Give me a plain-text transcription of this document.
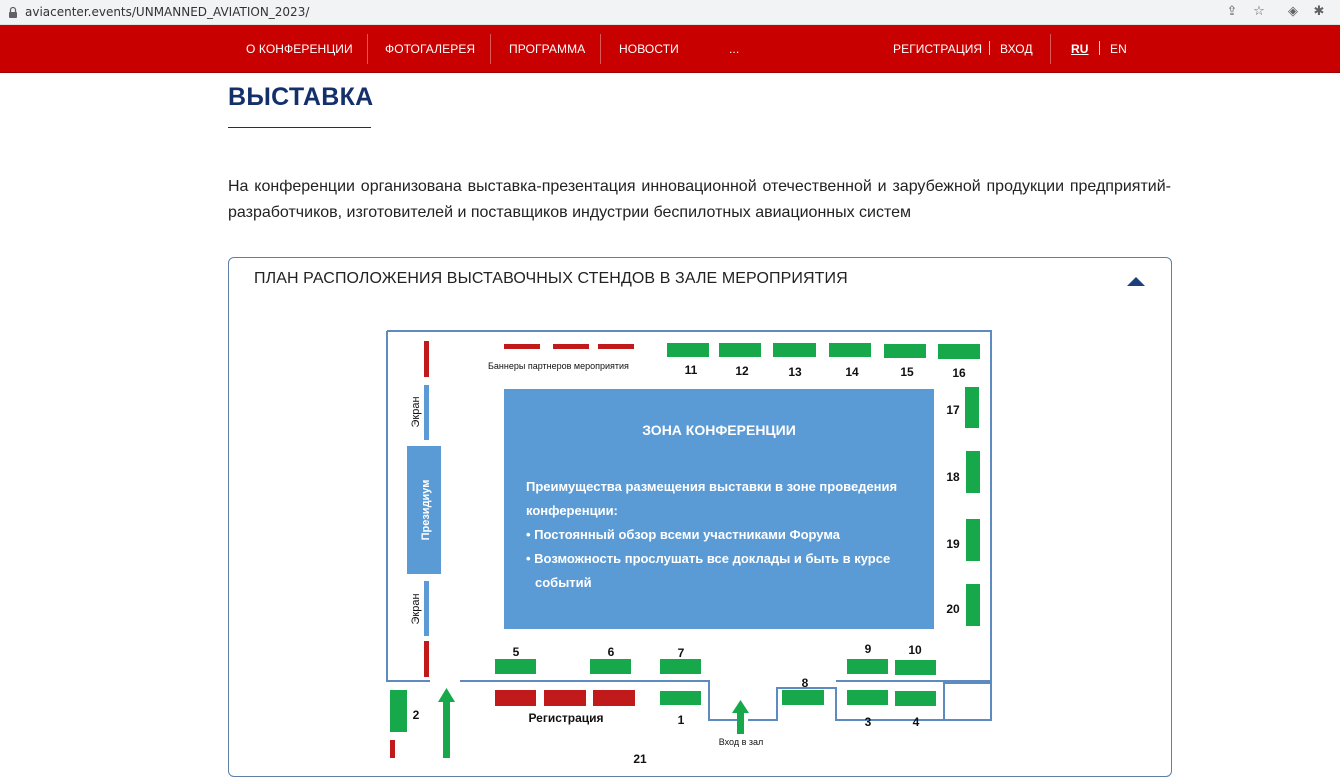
aviacenter.events/UNMANNED_AVIATION_2023/	⇪ ☆	◈	✱
О КОНФЕРЕНЦИИ	ФОТОГАЛЕРЕЯ	ПРОГРАММА	НОВОСТИ	...	РЕГИСТРАЦИЯ ВХОД	RU EN
ВЫСТАВКА

На конференции организована выставка-презентация инновационной отечественной и зарубежной продукции предприятий-разработчиков, изготовителей и поставщиков индустрии беспилотных авиационных систем

ПЛАН РАСПОЛОЖЕНИЯ ВЫСТАВОЧНЫХ СТЕНДОВ В ЗАЛЕ МЕРОПРИЯТИЯ
ЗОНА КОНФЕРЕНЦИИ
Преимущества размещения выставки в зоне проведения
конференции:
• Постоянный обзор всеми участниками Форума
• Возможность прослушать все доклады и быть в курсе
событий
Баннеры партнеров мероприятия
Экран
Экран
Президиум
11	12	13	14	15	16
17
18
19
20
5	6	7	9	10
1
8
3	4
Регистрация
2
Вход в зал
21
